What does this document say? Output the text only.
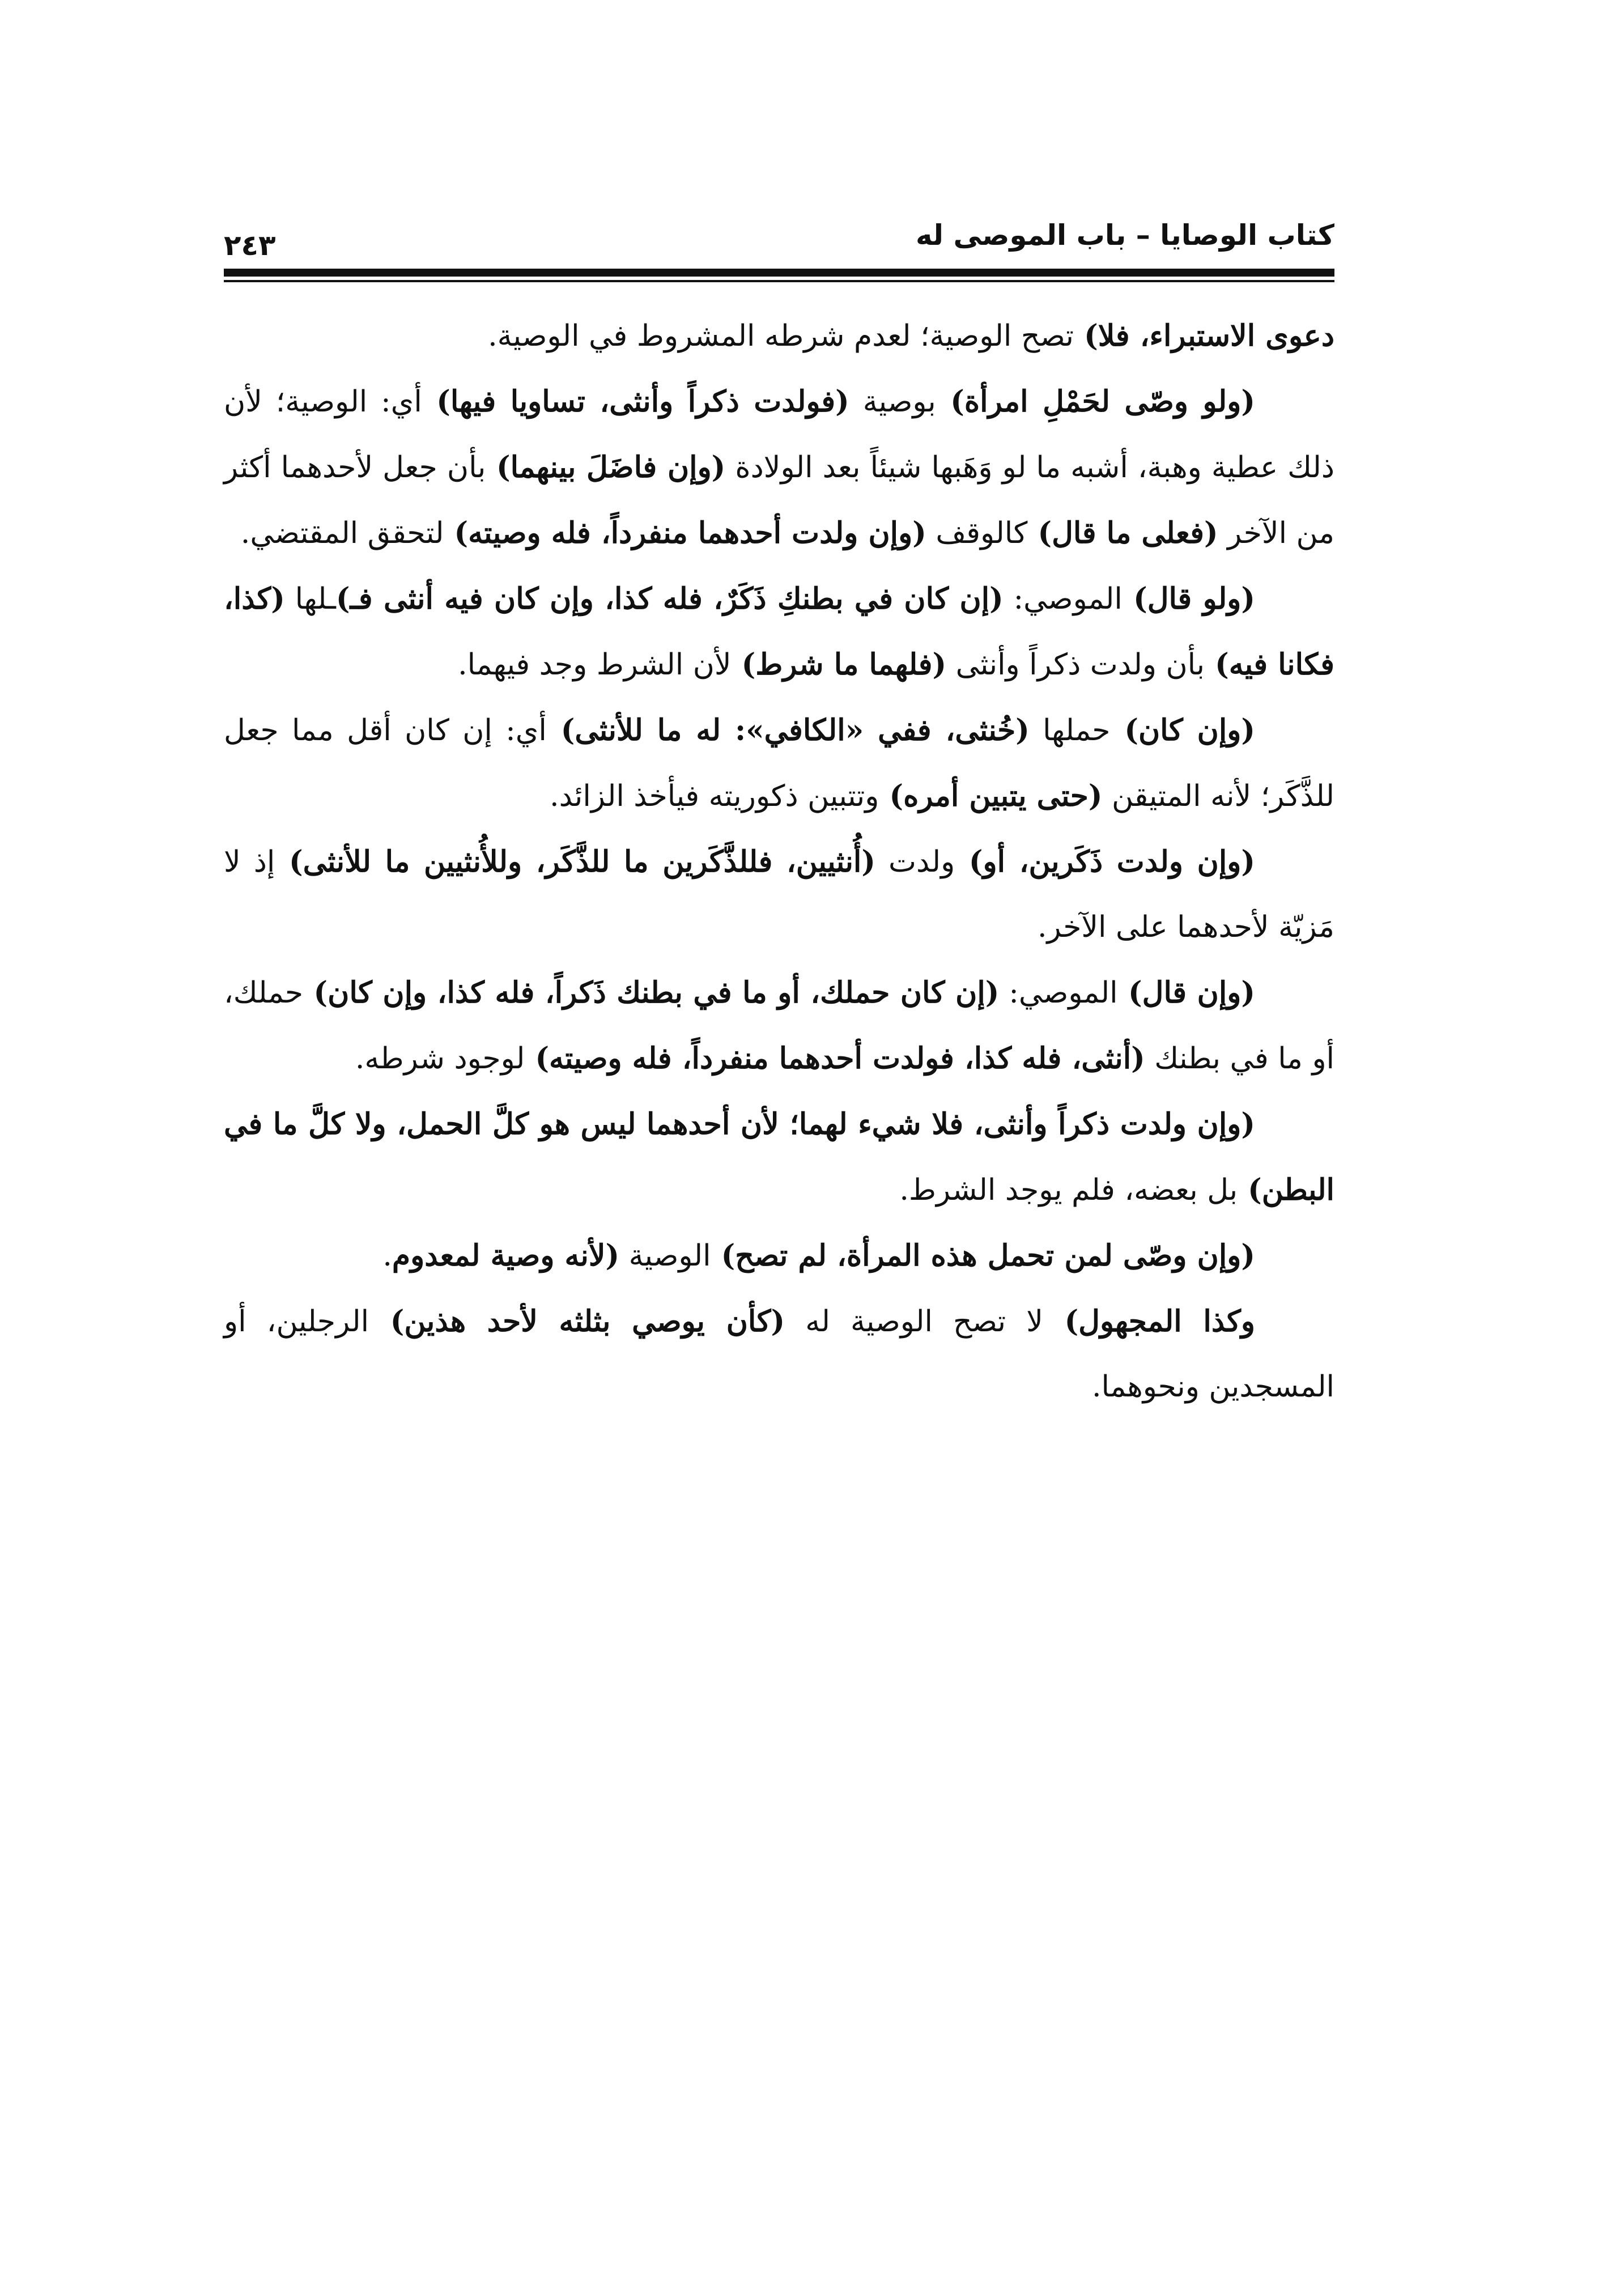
كتاب الوصايا – باب الموصى له
٢٤٣

دعوى الاستبراء، فلا) تصح الوصية؛ لعدم شرطه المشروط في الوصية.

(ولو وصّى لحَمْلِ امرأة) بوصية (فولدت ذكراً وأنثى، تساويا فيها) أي: الوصية؛ لأن ذلك عطية وهبة، أشبه ما لو وَهَبها شيئاً بعد الولادة (وإن فاضَلَ بينهما) بأن جعل لأحدهما أكثر من الآخر (فعلى ما قال) كالوقف (وإن ولدت أحدهما منفرداً، فله وصيته) لتحقق المقتضي.

(ولو قال) الموصي: (إن كان في بطنكِ ذَكَرٌ، فله كذا، وإن كان فيه أنثى فـ)ـلها (كذا، فكانا فيه) بأن ولدت ذكراً وأنثى (فلهما ما شرط) لأن الشرط وجد فيهما.

(وإن كان) حملها (خُنثى، ففي «الكافي»: له ما للأنثى) أي: إن كان أقل مما جعل للذَّكَر؛ لأنه المتيقن (حتى يتبين أمره) وتتبين ذكوريته فيأخذ الزائد.

(وإن ولدت ذَكَرين، أو) ولدت (أُنثيين، فللذَّكَرين ما للذَّكَر، وللأُنثيين ما للأنثى) إذ لا مَزيّة لأحدهما على الآخر.

(وإن قال) الموصي: (إن كان حملك، أو ما في بطنك ذَكراً، فله كذا، وإن كان) حملك، أو ما في بطنك (أنثى، فله كذا، فولدت أحدهما منفرداً، فله وصيته) لوجود شرطه.

(وإن ولدت ذكراً وأنثى، فلا شيء لهما؛ لأن أحدهما ليس هو كلَّ الحمل، ولا كلَّ ما في البطن) بل بعضه، فلم يوجد الشرط.

(وإن وصّى لمن تحمل هذه المرأة، لم تصح) الوصية (لأنه وصية لمعدوم.

وكذا المجهول) لا تصح الوصية له (كأن يوصي بثلثه لأحد هذين) الرجلين، أو المسجدين ونحوهما.
